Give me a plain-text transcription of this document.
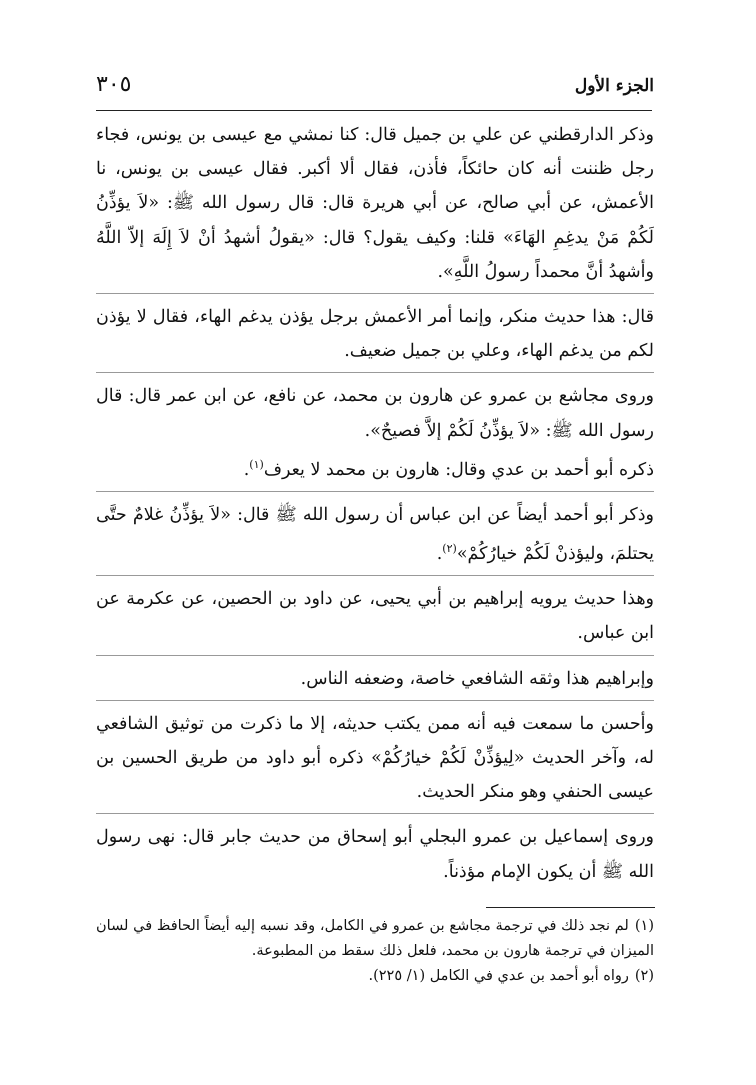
الجزء الأول
٣٠٥

وذكر الدارقطني عن علي بن جميل قال: كنا نمشي مع عيسى بن يونس، فجاء رجل ظننت أنه كان حائكاً، فأذن، فقال ألا أكبر. فقال عيسى بن يونس، نا الأعمش، عن أبي صالح، عن أبي هريرة قال: قال رسول الله ﷺ: «لاَ يؤذِّنُ لَكُمْ مَنْ يدغِمِ الهَاءَ» قلنا: وكيف يقول؟ قال: «يقولُ أشهدُ أنْ لاَ إِلَهَ إلاّ اللَّهُ وأشهدُ أنَّ محمداً رسولُ اللَّهِ».

قال: هذا حديث منكر، وإنما أمر الأعمش برجل يؤذن يدغم الهاء، فقال لا يؤذن لكم من يدغم الهاء، وعلي بن جميل ضعيف.

وروى مجاشع بن عمرو عن هارون بن محمد، عن نافع، عن ابن عمر قال: قال رسول الله ﷺ: «لاَ يؤذِّنُ لَكُمْ إلاَّ فصيحٌ».

ذكره أبو أحمد بن عدي وقال: هارون بن محمد لا يعرف$^{(١)}$.

وذكر أبو أحمد أيضاً عن ابن عباس أن رسول الله ﷺ قال: «لاَ يؤذِّنُ غلامٌ حتَّى يحتلمَ، وليؤذنْ لَكُمْ خيارُكُمْ»$^{(٢)}$.

وهذا حديث يرويه إبراهيم بن أبي يحيى، عن داود بن الحصين، عن عكرمة عن ابن عباس.

وإبراهيم هذا وثقه الشافعي خاصة، وضعفه الناس.

وأحسن ما سمعت فيه أنه ممن يكتب حديثه، إلا ما ذكرت من توثيق الشافعي له، وآخر الحديث «لِيؤذِّنْ لَكُمْ خيارُكُمْ» ذكره أبو داود من طريق الحسين بن عيسى الحنفي وهو منكر الحديث.

وروى إسماعيل بن عمرو البجلي أبو إسحاق من حديث جابر قال: نهى رسول الله ﷺ أن يكون الإمام مؤذناً.

(١)لم نجد ذلك في ترجمة مجاشع بن عمرو في الكامل، وقد نسبه إليه أيضاً الحافظ في لسان الميزان في ترجمة هارون بن محمد، فلعل ذلك سقط من المطبوعة.

(٢)رواه أبو أحمد بن عدي في الكامل (١/ ٢٢٥).
